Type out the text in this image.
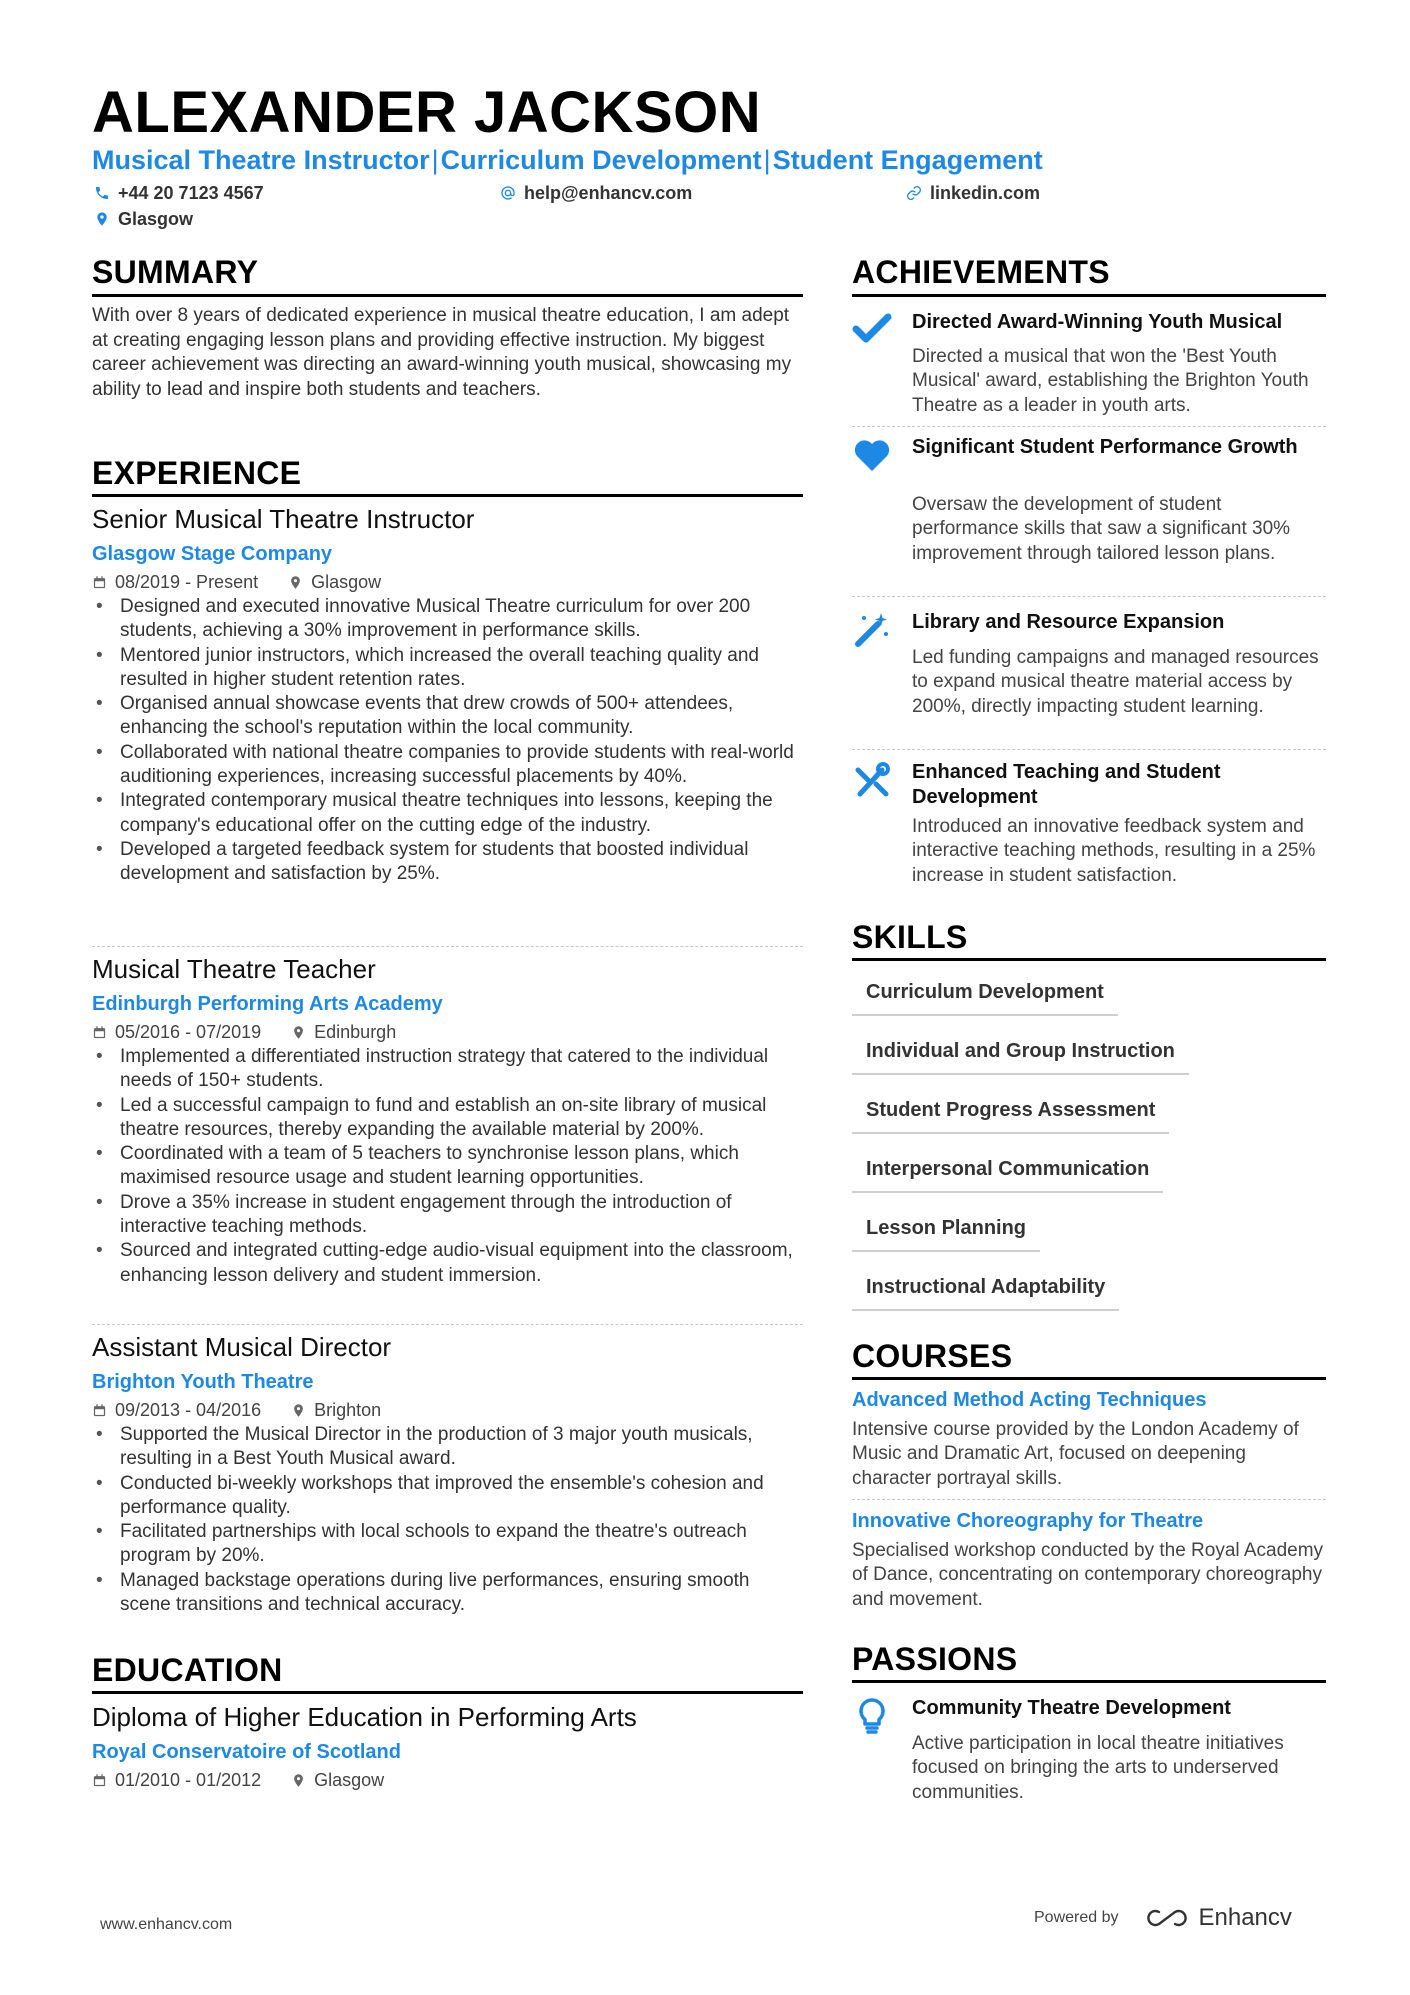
ALEXANDER JACKSON
Musical Theatre Instructor|Curriculum Development|Student Engagement
+44 20 7123 4567	help@enhancv.com	linkedin.com
Glasgow
SUMMARY

With over 8 years of dedicated experience in musical theatre education, I am adept at creating engaging lesson plans and providing effective instruction. My biggest career achievement was directing an award-winning youth musical, showcasing my ability to lead and inspire both students and teachers.

EXPERIENCE
Senior Musical Theatre Instructor
Glasgow Stage Company
08/2019 - Present	Glasgow
• Designed and executed innovative Musical Theatre curriculum for over 200 students, achieving a 30% improvement in performance skills.
• Mentored junior instructors, which increased the overall teaching quality and resulted in higher student retention rates.
• Organised annual showcase events that drew crowds of 500+ attendees, enhancing the school's reputation within the local community.
• Collaborated with national theatre companies to provide students with real-world auditioning experiences, increasing successful placements by 40%.
• Integrated contemporary musical theatre techniques into lessons, keeping the company's educational offer on the cutting edge of the industry.
• Developed a targeted feedback system for students that boosted individual development and satisfaction by 25%.
Musical Theatre Teacher
Edinburgh Performing Arts Academy
05/2016 - 07/2019	Edinburgh
• Implemented a differentiated instruction strategy that catered to the individual needs of 150+ students.
• Led a successful campaign to fund and establish an on-site library of musical theatre resources, thereby expanding the available material by 200%.
• Coordinated with a team of 5 teachers to synchronise lesson plans, which maximised resource usage and student learning opportunities.
• Drove a 35% increase in student engagement through the introduction of interactive teaching methods.
• Sourced and integrated cutting-edge audio-visual equipment into the classroom, enhancing lesson delivery and student immersion.
Assistant Musical Director
Brighton Youth Theatre
09/2013 - 04/2016	Brighton
• Supported the Musical Director in the production of 3 major youth musicals, resulting in a Best Youth Musical award.
• Conducted bi-weekly workshops that improved the ensemble's cohesion and performance quality.
• Facilitated partnerships with local schools to expand the theatre's outreach program by 20%.
• Managed backstage operations during live performances, ensuring smooth scene transitions and technical accuracy.
EDUCATION
Diploma of Higher Education in Performing Arts
Royal Conservatoire of Scotland
01/2010 - 01/2012	Glasgow
ACHIEVEMENTS
Directed Award-Winning Youth Musical
Directed a musical that won the 'Best Youth Musical' award, establishing the Brighton Youth Theatre as a leader in youth arts.
Significant Student Performance Growth
Oversaw the development of student performance skills that saw a significant 30% improvement through tailored lesson plans.
Library and Resource Expansion
Led funding campaigns and managed resources to expand musical theatre material access by 200%, directly impacting student learning.
Enhanced Teaching and Student Development
Introduced an innovative feedback system and interactive teaching methods, resulting in a 25% increase in student satisfaction.
SKILLS
Curriculum Development
Individual and Group Instruction
Student Progress Assessment
Interpersonal Communication
Lesson Planning
Instructional Adaptability
COURSES
Advanced Method Acting Techniques
Intensive course provided by the London Academy of Music and Dramatic Art, focused on deepening character portrayal skills.
Innovative Choreography for Theatre
Specialised workshop conducted by the Royal Academy of Dance, concentrating on contemporary choreography and movement.
PASSIONS
Community Theatre Development
Active participation in local theatre initiatives focused on bringing the arts to underserved communities.
www.enhancv.com	Powered by	Enhancv
